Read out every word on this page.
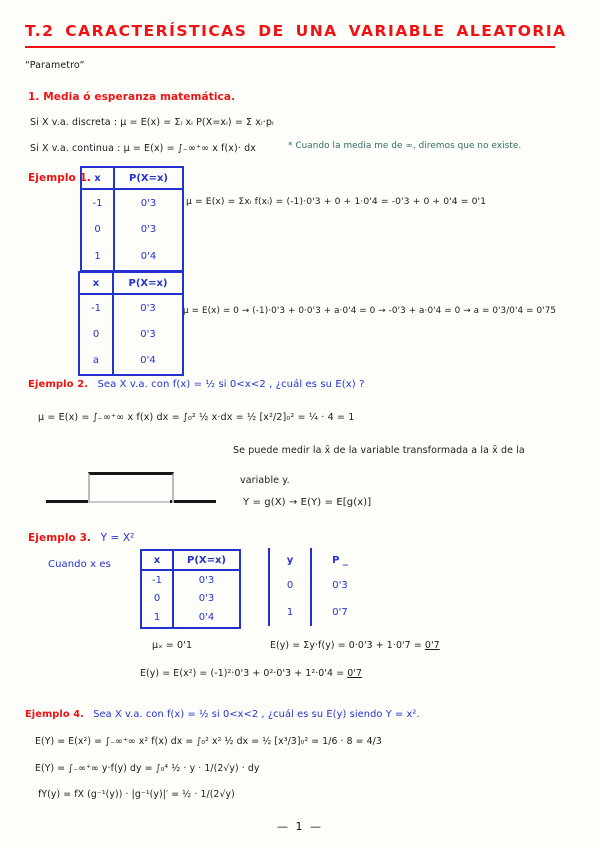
T.2 CARACTERÍSTICAS DE UNA VARIABLE ALEATORIA
“Parametro”
1. Media ó esperanza matemática.
Si X v.a. discreta : μ = E(x) = Σᵢ xᵢ P(X=xᵢ) = Σ xᵢ·pᵢ
Si X v.a. continua : μ = E(x) = ∫₋∞⁺∞ x f(x)· dx	* Cuando la media me de ∞, diremos que no existe.
Ejemplo 1. x	P(X=x)
-1	0'3
0	0'3
1	0'4
μ = E(x) = Σxᵢ f(xᵢ) = (-1)·0'3 + 0 + 1·0'4 = -0'3 + 0 + 0'4 = 0'1
x	P(X=x)
-1	0'3
0	0'3
a	0'4
μ = E(x) = 0 → (-1)·0'3 + 0·0'3 + a·0'4 = 0 → -0'3 + a·0'4 = 0 → a = 0'3/0'4 = 0'75
Ejemplo 2. Sea X v.a. con f(x) = ½ si 0<x<2 , ¿cuál es su E(x) ?
μ = E(x) = ∫₋∞⁺∞ x f(x) dx = ∫₀² ½ x·dx = ½ [x²/2]₀² = ¼ · 4 = 1
Se puede medir la x̄ de la variable transformada a la x̄ de la
variable y.
Y = g(X) → E(Y) = E[g(x)]
Ejemplo 3. Y = X²
Cuando x es	x	P(X=x)
-1	0'3
0	0'3
1	0'4
y	P _
0	0'3
1	0'7
μₓ = 0'1	E(y) = Σy·f(y) = 0·0'3 + 1·0'7 = 0'7
E(y) = E(x²) = (-1)²·0'3 + 0²·0'3 + 1²·0'4 = 0'7
Ejemplo 4. Sea X v.a. con f(x) = ½ si 0<x<2 , ¿cuál es su E(y) siendo Y = x².
E(Y) = E(x²) = ∫₋∞⁺∞ x² f(x) dx = ∫₀² x² ½ dx = ½ [x³/3]₀² = 1/6 · 8 = 4/3
E(Y) = ∫₋∞⁺∞ y·f(y) dy = ∫₀⁴ ½ · y · 1/(2√y) · dy
fY(y) = fX (g⁻¹(y)) · |g⁻¹(y)|′ = ½ · 1/(2√y)
— 1 —
